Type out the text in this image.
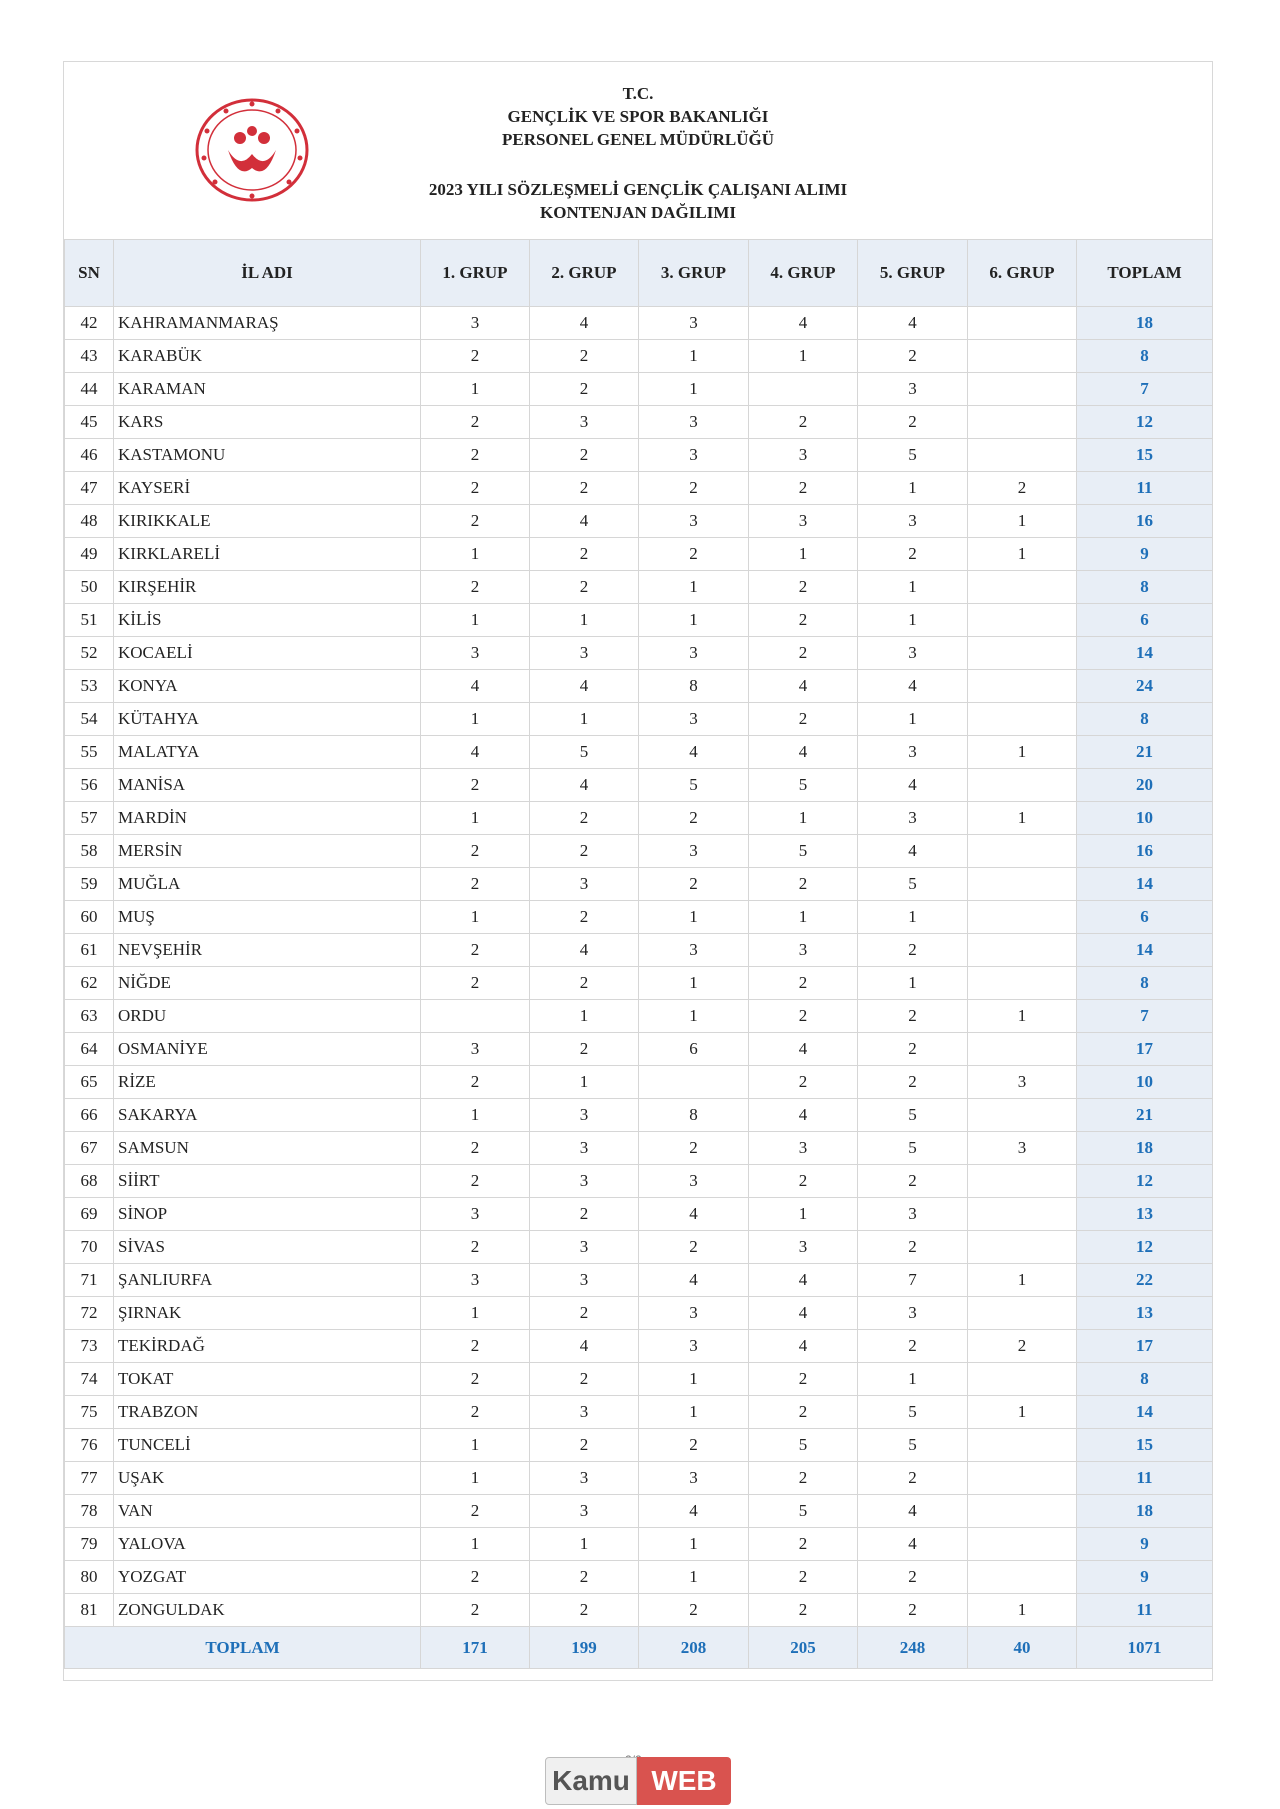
T.C.
GENÇLİK VE SPOR BAKANLIĞI
PERSONEL GENEL MÜDÜRLÜĞÜ
2023 YILI SÖZLEŞMELİ GENÇLİK ÇALIŞANI ALIMI
KONTENJAN DAĞILIMI
SN	İL ADI	1. GRUP	2. GRUP	3. GRUP	4. GRUP	5. GRUP	6. GRUP	TOPLAM
42	KAHRAMANMARAŞ	3	4	3	4	4		18
43	KARABÜK	2	2	1	1	2		8
44	KARAMAN	1	2	1		3		7
45	KARS	2	3	3	2	2		12
46	KASTAMONU	2	2	3	3	5		15
47	KAYSERİ	2	2	2	2	1	2	11
48	KIRIKKALE	2	4	3	3	3	1	16
49	KIRKLARELİ	1	2	2	1	2	1	9
50	KIRŞEHİR	2	2	1	2	1		8
51	KİLİS	1	1	1	2	1		6
52	KOCAELİ	3	3	3	2	3		14
53	KONYA	4	4	8	4	4		24
54	KÜTAHYA	1	1	3	2	1		8
55	MALATYA	4	5	4	4	3	1	21
56	MANİSA	2	4	5	5	4		20
57	MARDİN	1	2	2	1	3	1	10
58	MERSİN	2	2	3	5	4		16
59	MUĞLA	2	3	2	2	5		14
60	MUŞ	1	2	1	1	1		6
61	NEVŞEHİR	2	4	3	3	2		14
62	NİĞDE	2	2	1	2	1		8
63	ORDU		1	1	2	2	1	7
64	OSMANİYE	3	2	6	4	2		17
65	RİZE	2	1		2	2	3	10
66	SAKARYA	1	3	8	4	5		21
67	SAMSUN	2	3	2	3	5	3	18
68	SİİRT	2	3	3	2	2		12
69	SİNOP	3	2	4	1	3		13
70	SİVAS	2	3	2	3	2		12
71	ŞANLIURFA	3	3	4	4	7	1	22
72	ŞIRNAK	1	2	3	4	3		13
73	TEKİRDAĞ	2	4	3	4	2	2	17
74	TOKAT	2	2	1	2	1		8
75	TRABZON	2	3	1	2	5	1	14
76	TUNCELİ	1	2	2	5	5		15
77	UŞAK	1	3	3	2	2		11
78	VAN	2	3	4	5	4		18
79	YALOVA	1	1	1	2	4		9
80	YOZGAT	2	2	1	2	2		9
81	ZONGULDAK	2	2	2	2	2	1	11
TOPLAM		171	199	208	205	248	40	1071
Kamu WEB
